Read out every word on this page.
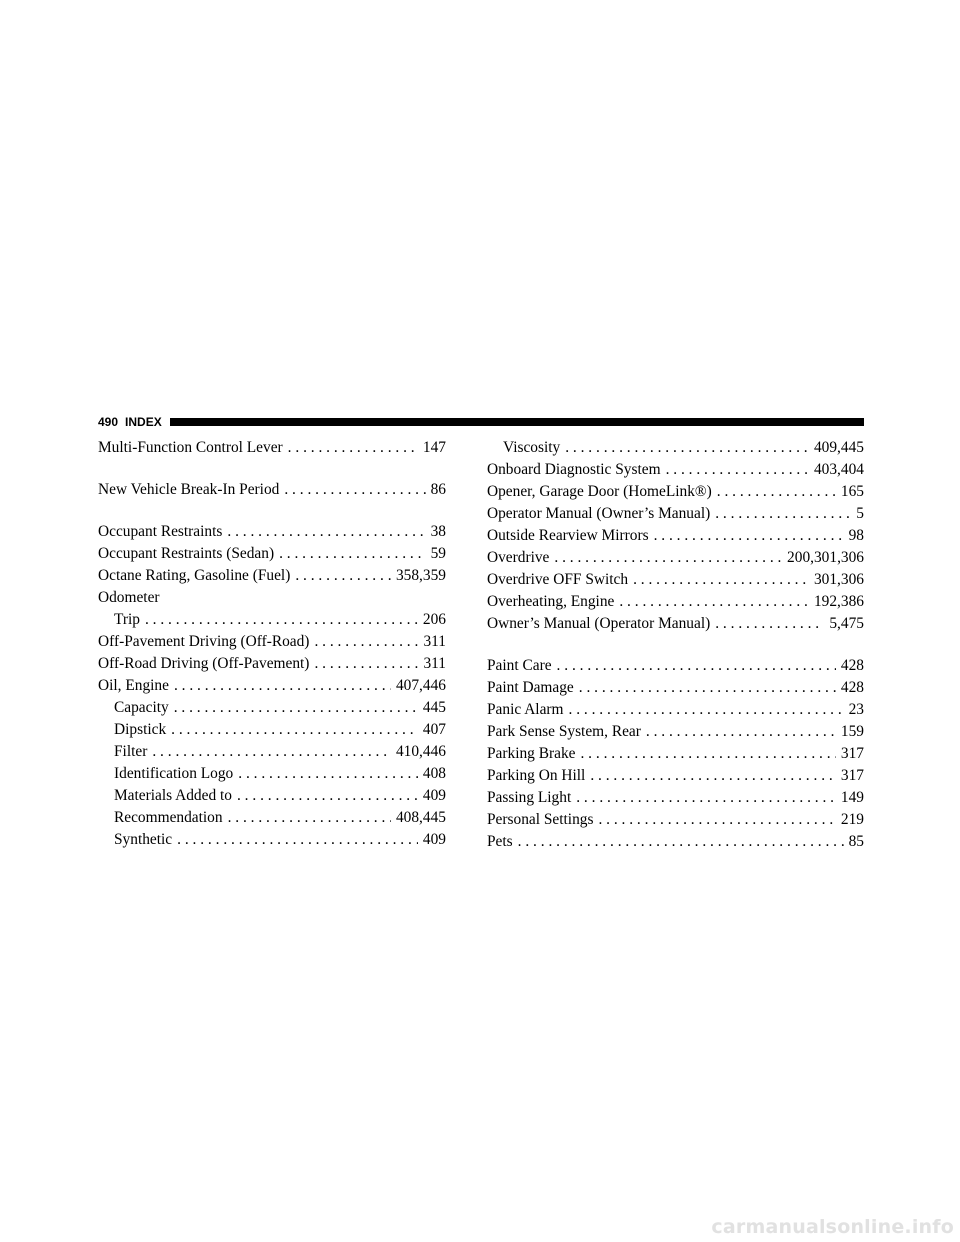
490 INDEX
Multi-Function Control Lever . . .	147
New Vehicle Break-In Period . . .	86
Occupant Restraints . . .	38
Occupant Restraints (Sedan) . . .	59
Octane Rating, Gasoline (Fuel) . . .	358,359
Odometer
Trip . . .	206
Off-Pavement Driving (Off-Road) . . .	311
Off-Road Driving (Off-Pavement) . . .	311
Oil, Engine . . .	407,446
Capacity . . .	445
Dipstick . . .	407
Filter . . .	410,446
Identification Logo . . .	408
Materials Added to . . .	409
Recommendation . . .	408,445
Synthetic . . .	409
Viscosity . . .	409,445
Onboard Diagnostic System . . .	403,404
Opener, Garage Door (HomeLink®) . . .	165
Operator Manual (Owner’s Manual) . . .	5
Outside Rearview Mirrors . . .	98
Overdrive . . .	200,301,306
Overdrive OFF Switch . . .	301,306
Overheating, Engine . . .	192,386
Owner’s Manual (Operator Manual) . . .	5,475
Paint Care . . .	428
Paint Damage . . .	428
Panic Alarm . . .	23
Park Sense System, Rear . . .	159
Parking Brake . . .	317
Parking On Hill . . .	317
Passing Light . . .	149
Personal Settings . . .	219
Pets . . .	85
carmanualsonline.info
